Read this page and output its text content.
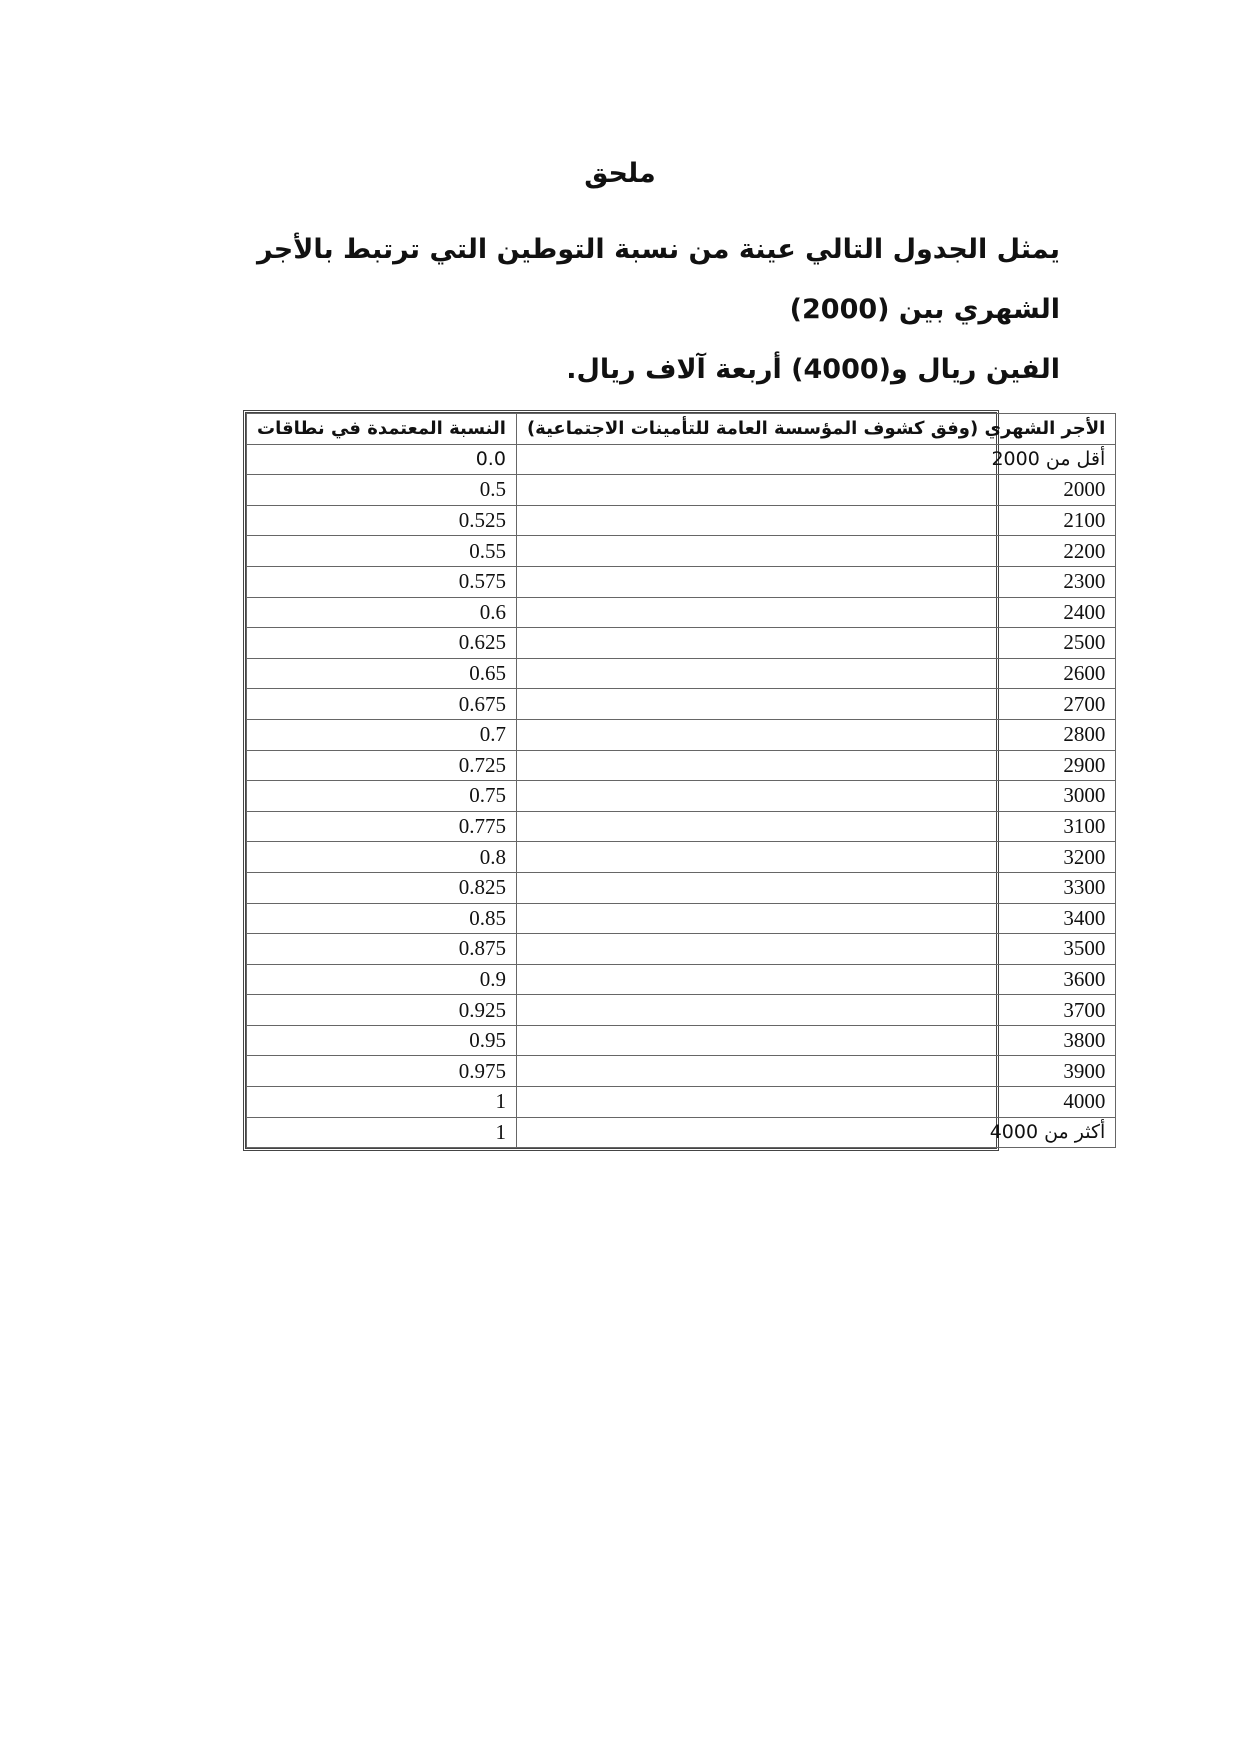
ملحق
يمثل الجدول التالي عينة من نسبة التوطين التي ترتبط بالأجر الشهري بين (2000)
الفين ريال و(4000) أربعة آلاف ريال.
الأجر الشهري (وفق كشوف المؤسسة العامة للتأمينات الاجتماعية)	النسبة المعتمدة في نطاقات
أقل من 2000	0.0
2000	0.5
2100	0.525
2200	0.55
2300	0.575
2400	0.6
2500	0.625
2600	0.65
2700	0.675
2800	0.7
2900	0.725
3000	0.75
3100	0.775
3200	0.8
3300	0.825
3400	0.85
3500	0.875
3600	0.9
3700	0.925
3800	0.95
3900	0.975
4000	1
أكثر من 4000	1
